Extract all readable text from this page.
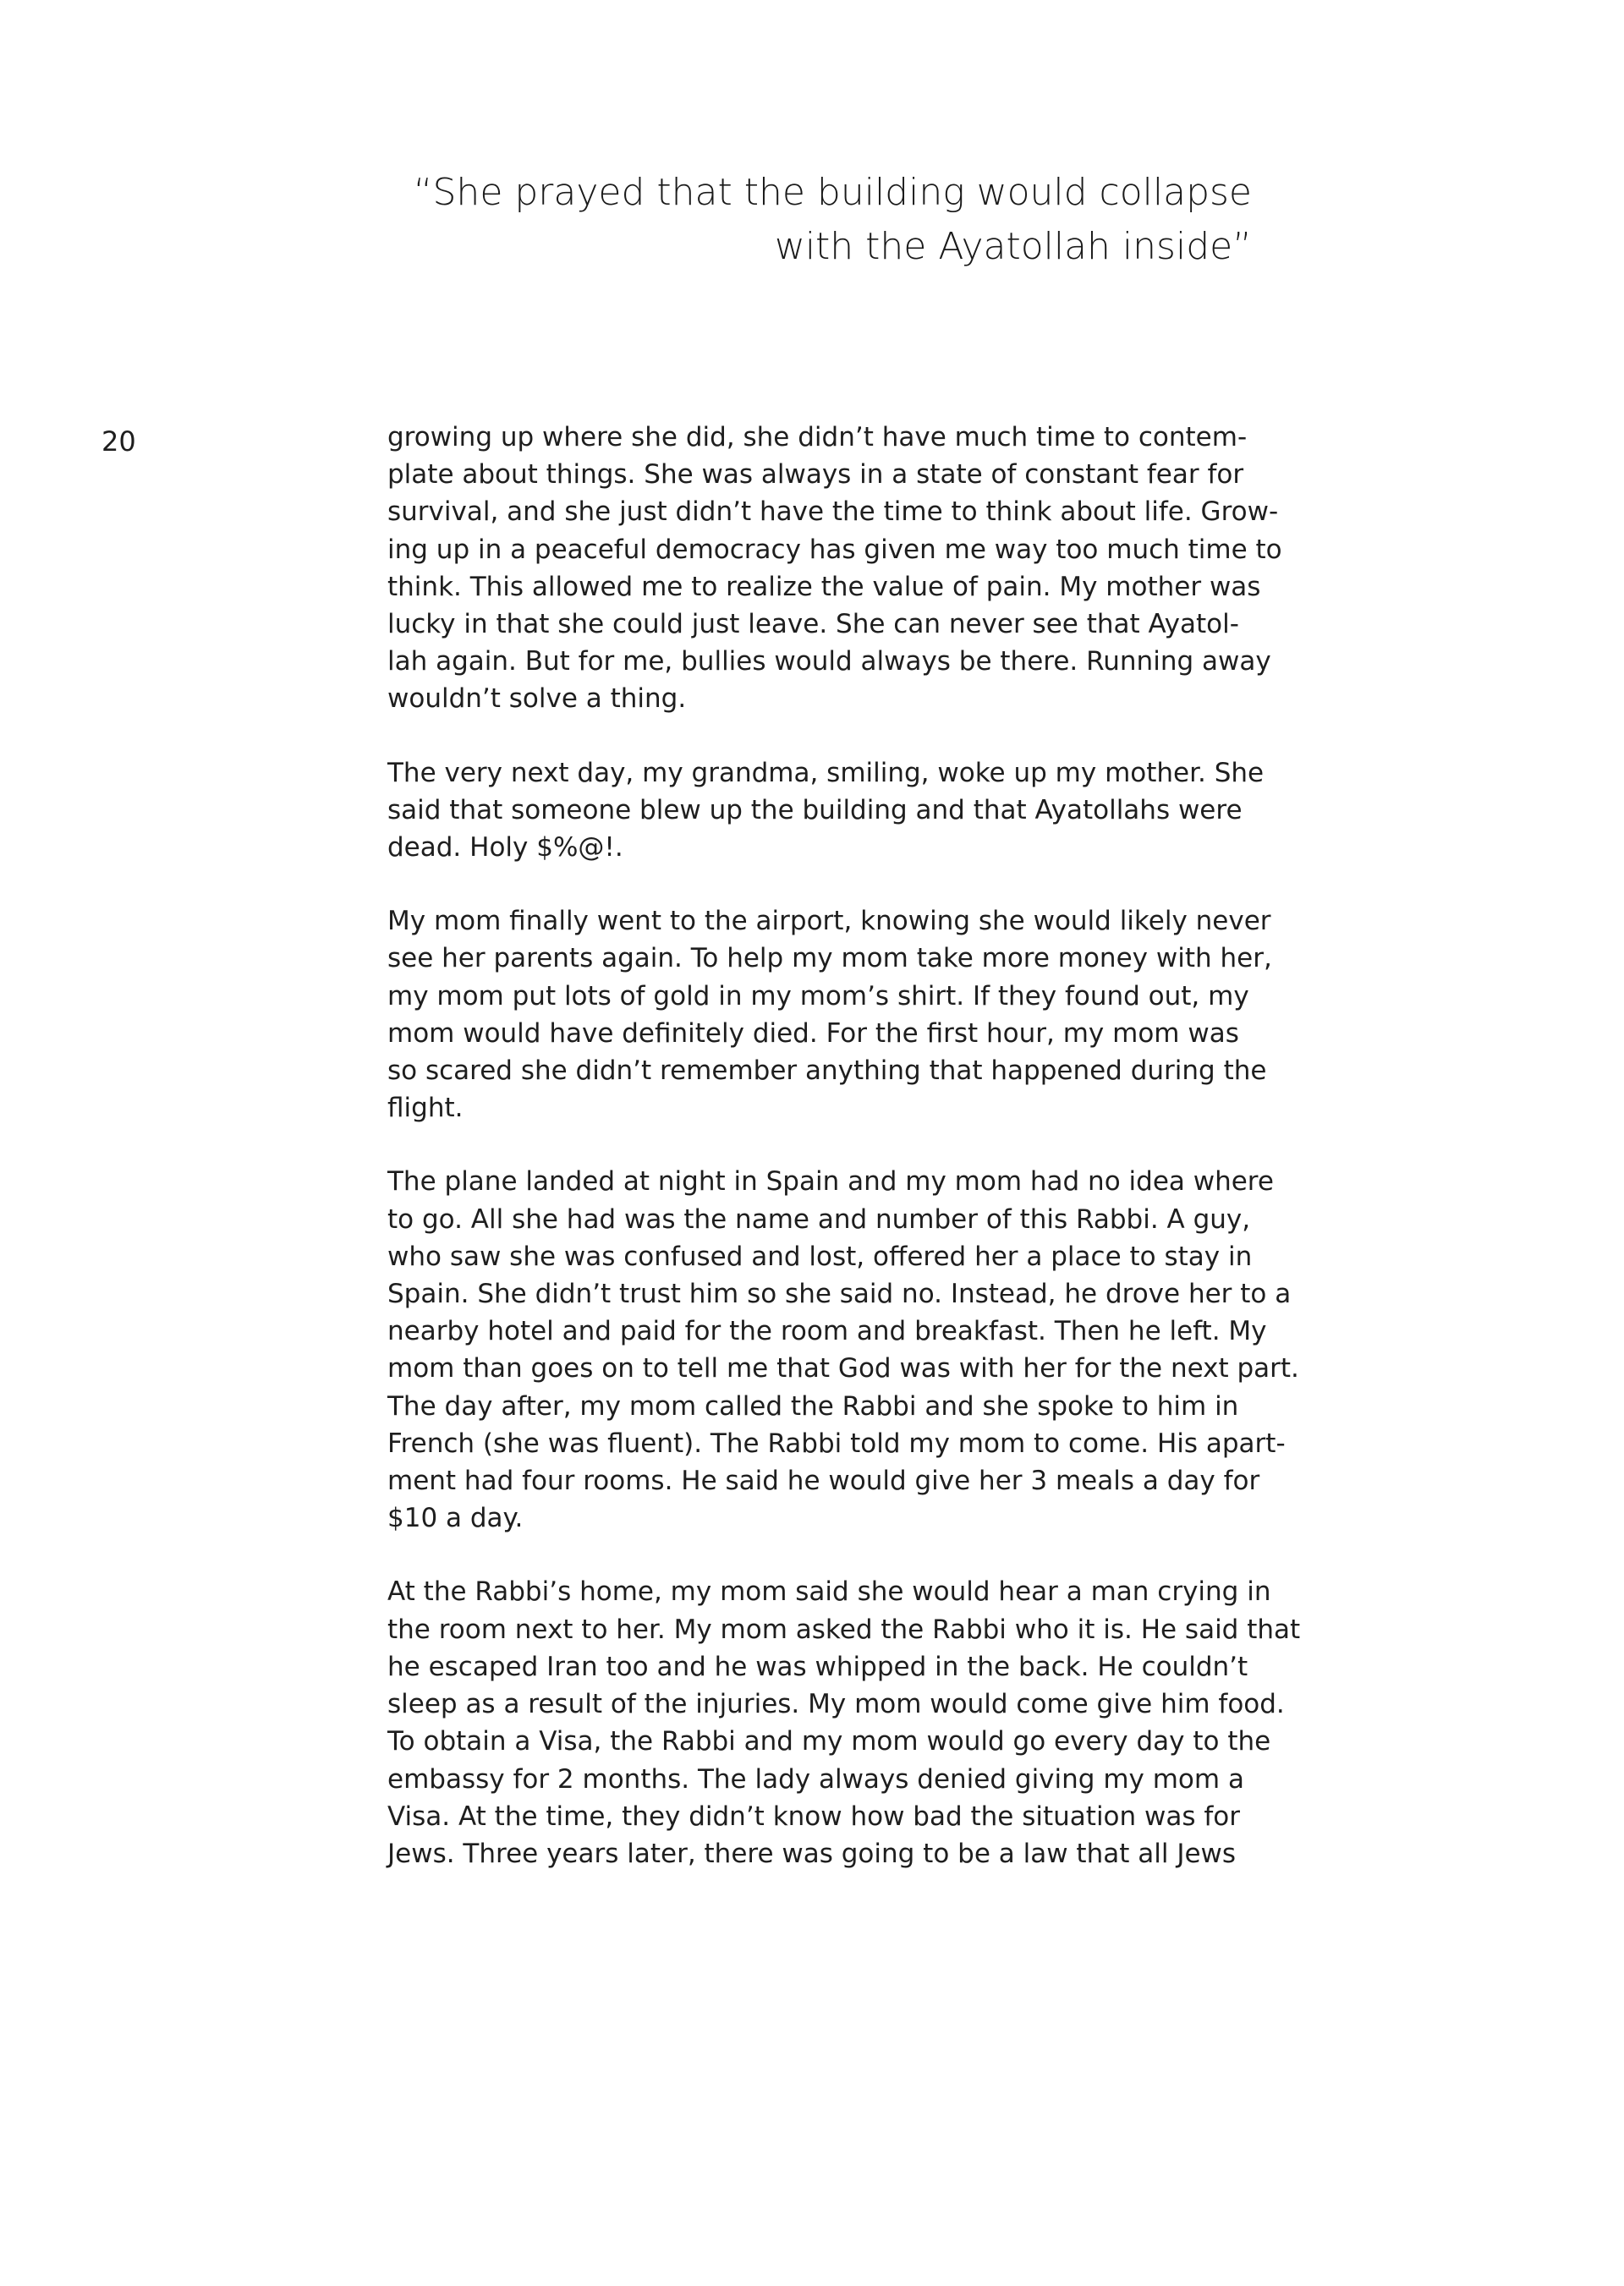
“She prayed that the building would collapse
with the Ayatollah inside”
20	growing up where she did, she didn’t have much time to contem-
plate about things. She was always in a state of constant fear for
survival, and she just didn’t have the time to think about life. Grow-
ing up in a peaceful democracy has given me way too much time to
think. This allowed me to realize the value of pain. My mother was
lucky in that she could just leave. She can never see that Ayatol-
lah again. But for me, bullies would always be there. Running away
wouldn’t solve a thing.

The very next day, my grandma, smiling, woke up my mother. She
said that someone blew up the building and that Ayatollahs were
dead. Holy $%@!.

My mom finally went to the airport, knowing she would likely never
see her parents again. To help my mom take more money with her,
my mom put lots of gold in my mom’s shirt. If they found out, my
mom would have definitely died. For the first hour, my mom was
so scared she didn’t remember anything that happened during the
flight.

The plane landed at night in Spain and my mom had no idea where
to go. All she had was the name and number of this Rabbi. A guy,
who saw she was confused and lost, offered her a place to stay in
Spain. She didn’t trust him so she said no. Instead, he drove her to a
nearby hotel and paid for the room and breakfast. Then he left. My
mom than goes on to tell me that God was with her for the next part.
The day after, my mom called the Rabbi and she spoke to him in
French (she was fluent). The Rabbi told my mom to come. His apart-
ment had four rooms. He said he would give her 3 meals a day for
$10 a day.

At the Rabbi’s home, my mom said she would hear a man crying in
the room next to her. My mom asked the Rabbi who it is. He said that
he escaped Iran too and he was whipped in the back. He couldn’t
sleep as a result of the injuries. My mom would come give him food.
To obtain a Visa, the Rabbi and my mom would go every day to the
embassy for 2 months. The lady always denied giving my mom a
Visa. At the time, they didn’t know how bad the situation was for
Jews. Three years later, there was going to be a law that all Jews
